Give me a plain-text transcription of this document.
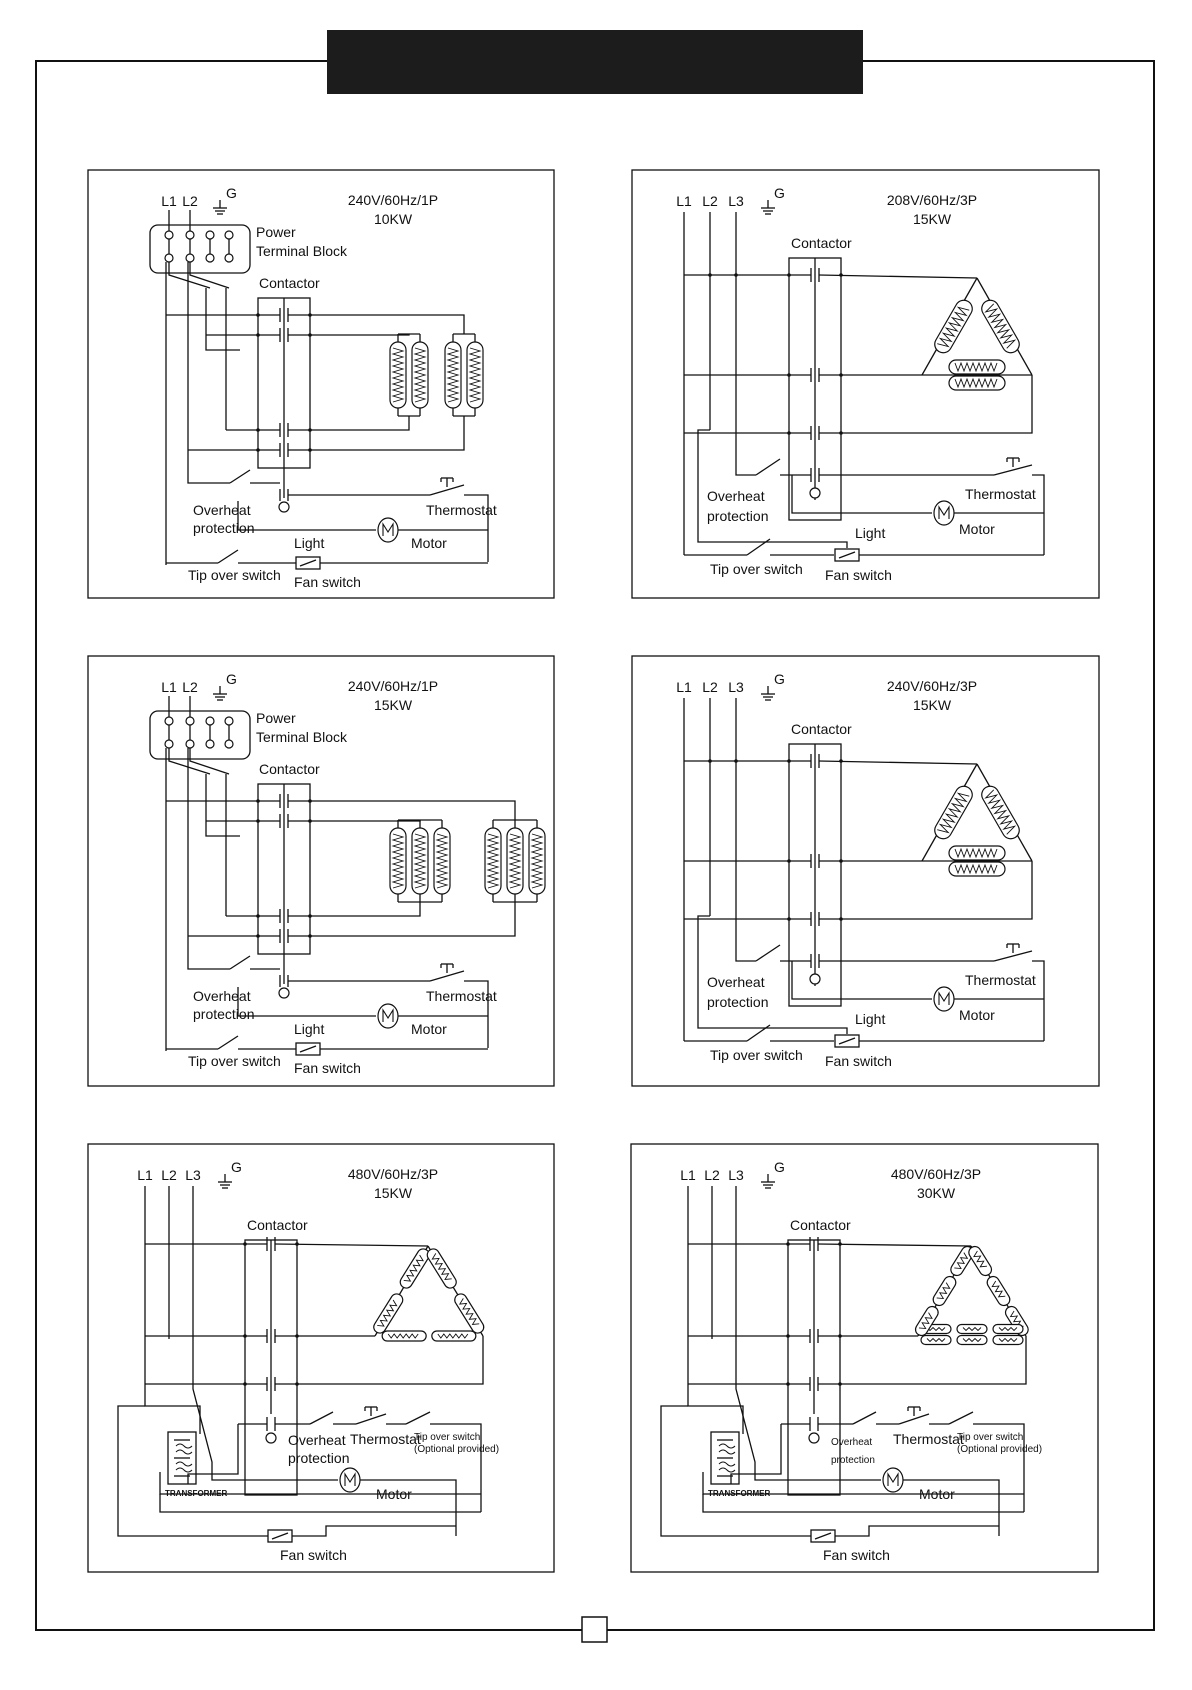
L1 L2 G	240V/60Hz/1P
10KW
Power
Terminal Block
Contactor
Overheat
protection
Thermostat
Motor
Light
Tip over switch Fan switch
L1 L2 L3 G	208V/60Hz/3P
15KW
Contactor
Overheat
protection
Thermostat
Motor
Light
Tip over switch Fan switch
L1 L2 G	240V/60Hz/1P
15KW
Power
Terminal Block
Contactor
Overheat
protection
Thermostat
Motor
Light
Tip over switch Fan switch
L1 L2 L3 G	240V/60Hz/3P
15KW
Contactor
Overheat
protection
Thermostat
Motor
Light
Tip over switch Fan switch
L1 L2 L3 G	480V/60Hz/3P
15KW
Contactor
Overheat
protection
Thermostat
Tip over switch
(Optional provided)
TRANSFORMER	Motor
Fan switch
L1 L2 L3 G	480V/60Hz/3P
30KW
Contactor
Overheat
protection
Thermostat
Tip over switch
(Optional provided)
TRANSFORMER	Motor
Fan switch
